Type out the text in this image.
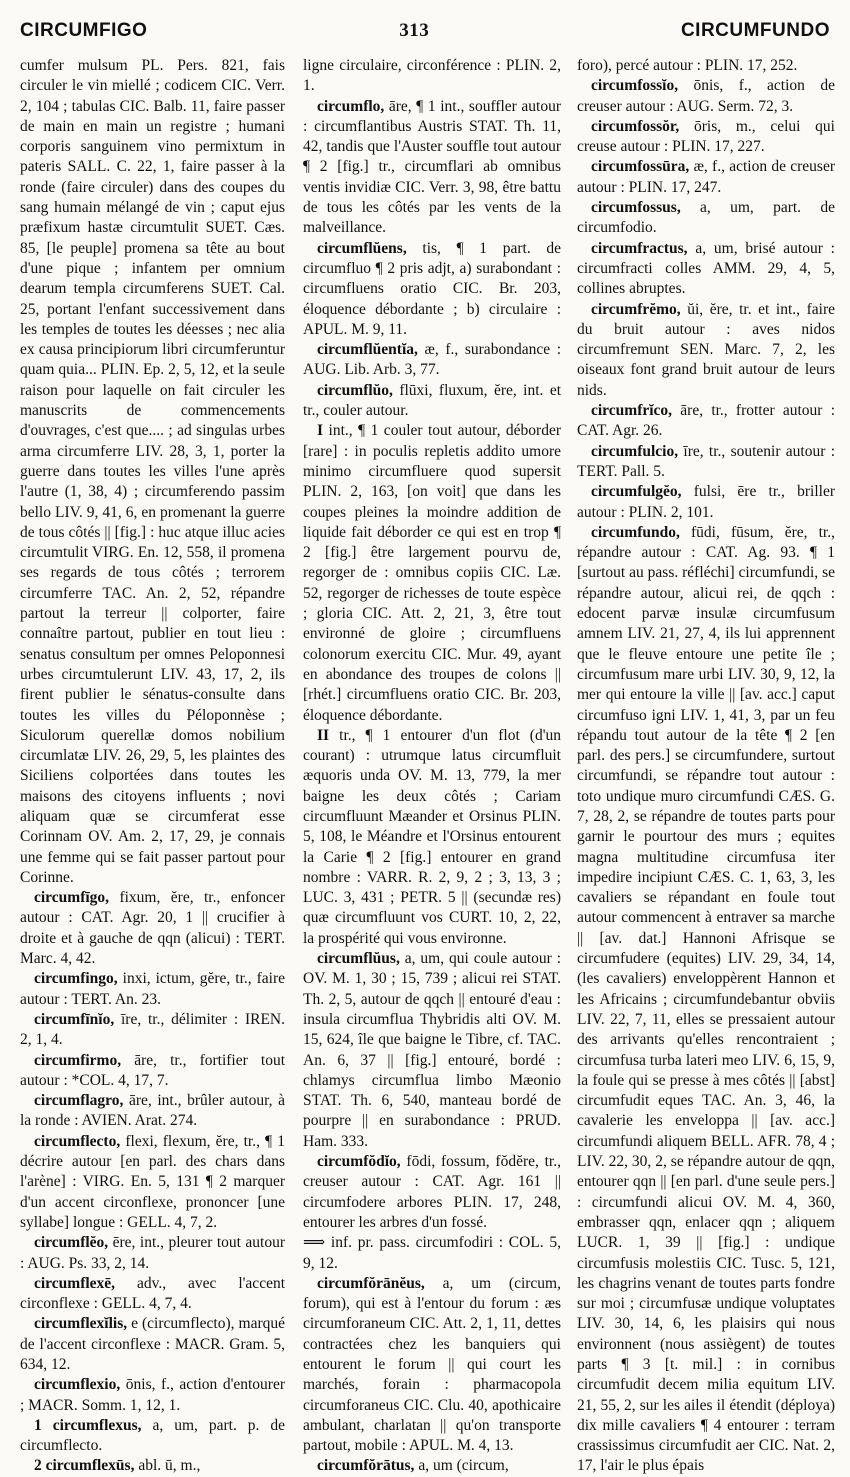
CIRCUMFIGO	313	CIRCUMFUNDO

cumfer mulsum PL. Pers. 821, fais circuler le vin miellé ; codicem CIC. Verr. 2, 104 ; tabulas CIC. Balb. 11, faire passer de main en main un registre ; humani corporis sanguinem vino permixtum in pateris SALL. C. 22, 1, faire passer à la ronde (faire circuler) dans des coupes du sang humain mélangé de vin ; caput ejus præfixum hastæ circumtulit SUET. Cæs. 85, [le peuple] promena sa tête au bout d'une pique ; infantem per omnium dearum templa circumferens SUET. Cal. 25, portant l'enfant successivement dans les temples de toutes les déesses ; nec alia ex causa principiorum libri circumferuntur quam quia... PLIN. Ep. 2, 5, 12, et la seule raison pour laquelle on fait circuler les manuscrits de commencements d'ouvrages, c'est que.... ; ad singulas urbes arma circumferre LIV. 28, 3, 1, porter la guerre dans toutes les villes l'une après l'autre (1, 38, 4) ; circumferendo passim bello LIV. 9, 41, 6, en promenant la guerre de tous côtés || [fig.] : huc atque illuc acies circumtulit VIRG. En. 12, 558, il promena ses regards de tous côtés ; terrorem circumferre TAC. An. 2, 52, répandre partout la terreur || colporter, faire connaître partout, publier en tout lieu : senatus consultum per omnes Peloponnesi urbes circumtulerunt LIV. 43, 17, 2, ils firent publier le sénatus-consulte dans toutes les villes du Péloponnèse ; Siculorum querellæ domos nobilium circumlatæ LIV. 26, 29, 5, les plaintes des Siciliens colportées dans toutes les maisons des citoyens influents ; novi aliquam quæ se circumferat esse Corinnam OV. Am. 2, 17, 29, je connais une femme qui se fait passer partout pour Corinne.

circumfīgo, fixum, ĕre, tr., enfoncer autour : CAT. Agr. 20, 1 || crucifier à droite et à gauche de qqn (alicui) : TERT. Marc. 4, 42.

circumfingo, inxi, ictum, gĕre, tr., faire autour : TERT. An. 23.

circumfīnĭo, īre, tr., délimiter : IREN. 2, 1, 4.

circumfirmo, āre, tr., fortifier tout autour : *COL. 4, 17, 7.

circumflagro, āre, int., brûler autour, à la ronde : AVIEN. Arat. 274.

circumflecto, flexi, flexum, ĕre, tr., ¶ 1 décrire autour [en parl. des chars dans l'arène] : VIRG. En. 5, 131 ¶ 2 marquer d'un accent circonflexe, prononcer [une syllabe] longue : GELL. 4, 7, 2.

circumflĕo, ēre, int., pleurer tout autour : AUG. Ps. 33, 2, 14.

circumflexē, adv., avec l'accent circonflexe : GELL. 4, 7, 4.

circumflexĭlis, e (circumflecto), marqué de l'accent circonflexe : MACR. Gram. 5, 634, 12.

circumflexio, ōnis, f., action d'entourer ; MACR. Somm. 1, 12, 1.

1 circumflexus, a, um, part. p. de circumflecto.

2 circumflexūs, abl. ū, m.,

ligne circulaire, circonférence : PLIN. 2, 1.

circumflo, āre, ¶ 1 int., souffler autour : circumflantibus Austris STAT. Th. 11, 42, tandis que l'Auster souffle tout autour ¶ 2 [fig.] tr., circumflari ab omnibus ventis invidiæ CIC. Verr. 3, 98, être battu de tous les côtés par les vents de la malveillance.

circumflŭens, tis, ¶ 1 part. de circumfluo ¶ 2 pris adjt, a) surabondant : circumfluens oratio CIC. Br. 203, éloquence débordante ; b) circulaire : APUL. M. 9, 11.

circumflŭentĭa, æ, f., surabondance : AUG. Lib. Arb. 3, 77.

circumflŭo, flūxi, fluxum, ĕre, int. et tr., couler autour.

I int., ¶ 1 couler tout autour, déborder [rare] : in poculis repletis addito umore minimo circumfluere quod supersit PLIN. 2, 163, [on voit] que dans les coupes pleines la moindre addition de liquide fait déborder ce qui est en trop ¶ 2 [fig.] être largement pourvu de, regorger de : omnibus copiis CIC. Læ. 52, regorger de richesses de toute espèce ; gloria CIC. Att. 2, 21, 3, être tout environné de gloire ; circumfluens colonorum exercitu CIC. Mur. 49, ayant en abondance des troupes de colons || [rhét.] circumfluens oratio CIC. Br. 203, éloquence débordante.

II tr., ¶ 1 entourer d'un flot (d'un courant) : utrumque latus circumfluit æquoris unda OV. M. 13, 779, la mer baigne les deux côtés ; Cariam circumfluunt Mæander et Orsinus PLIN. 5, 108, le Méandre et l'Orsinus entourent la Carie ¶ 2 [fig.] entourer en grand nombre : VARR. R. 2, 9, 2 ; 3, 13, 3 ; LUC. 3, 431 ; PETR. 5 || (secundæ res) quæ circumfluunt vos CURT. 10, 2, 22, la prospérité qui vous environne.

circumflŭus, a, um, qui coule autour : OV. M. 1, 30 ; 15, 739 ; alicui rei STAT. Th. 2, 5, autour de qqch || entouré d'eau : insula circumflua Thybridis alti OV. M. 15, 624, île que baigne le Tibre, cf. TAC. An. 6, 37 || [fig.] entouré, bordé : chlamys circumflua limbo Mæonio STAT. Th. 6, 540, manteau bordé de pourpre || en surabondance : PRUD. Ham. 333.

circumfŏdĭo, fōdi, fossum, fŏdĕre, tr., creuser autour : CAT. Agr. 161 || circumfodere arbores PLIN. 17, 248, entourer les arbres d'un fossé.

⟹ inf. pr. pass. circumfodiri : COL. 5, 9, 12.

circumfŏrānĕus, a, um (circum, forum), qui est à l'entour du forum : æs circumforaneum CIC. Att. 2, 1, 11, dettes contractées chez les banquiers qui entourent le forum || qui court les marchés, forain : pharmacopola circumforaneus CIC. Clu. 40, apothicaire ambulant, charlatan || qu'on transporte partout, mobile : APUL. M. 4, 13.

circumfŏrātus, a, um (circum,

foro), percé autour : PLIN. 17, 252.

circumfossĭo, ōnis, f., action de creuser autour : AUG. Serm. 72, 3.

circumfossŏr, ōris, m., celui qui creuse autour : PLIN. 17, 227.

circumfossūra, æ, f., action de creuser autour : PLIN. 17, 247.

circumfossus, a, um, part. de circumfodio.

circumfractus, a, um, brisé autour : circumfracti colles AMM. 29, 4, 5, collines abruptes.

circumfrĕmo, ŭi, ĕre, tr. et int., faire du bruit autour : aves nidos circumfremunt SEN. Marc. 7, 2, les oiseaux font grand bruit autour de leurs nids.

circumfrĭco, āre, tr., frotter autour : CAT. Agr. 26.

circumfulcio, īre, tr., soutenir autour : TERT. Pall. 5.

circumfulgĕo, fulsi, ēre tr., briller autour : PLIN. 2, 101.

circumfundo, fūdi, fūsum, ĕre, tr., répandre autour : CAT. Ag. 93. ¶ 1 [surtout au pass. réfléchi] circumfundi, se répandre autour, alicui rei, de qqch : edocent parvæ insulæ circumfusum amnem LIV. 21, 27, 4, ils lui apprennent que le fleuve entoure une petite île ; circumfusum mare urbi LIV. 30, 9, 12, la mer qui entoure la ville || [av. acc.] caput circumfuso igni LIV. 1, 41, 3, par un feu répandu tout autour de la tête ¶ 2 [en parl. des pers.] se circumfundere, surtout circumfundi, se répandre tout autour : toto undique muro circumfundi CÆS. G. 7, 28, 2, se répandre de toutes parts pour garnir le pourtour des murs ; equites magna multitudine circumfusa iter impedire incipiunt CÆS. C. 1, 63, 3, les cavaliers se répandant en foule tout autour commencent à entraver sa marche || [av. dat.] Hannoni Afrisque se circumfudere (equites) LIV. 29, 34, 14, (les cavaliers) enveloppèrent Hannon et les Africains ; circumfundebantur obviis LIV. 22, 7, 11, elles se pressaient autour des arrivants qu'elles rencontraient ; circumfusa turba lateri meo LIV. 6, 15, 9, la foule qui se presse à mes côtés || [abst] circumfudit eques TAC. An. 3, 46, la cavalerie les enveloppa || [av. acc.] circumfundi aliquem BELL. AFR. 78, 4 ; LIV. 22, 30, 2, se répandre autour de qqn, entourer qqn || [en parl. d'une seule pers.] : circumfundi alicui OV. M. 4, 360, embrasser qqn, enlacer qqn ; aliquem LUCR. 1, 39 || [fig.] : undique circumfusis molestiis CIC. Tusc. 5, 121, les chagrins venant de toutes parts fondre sur moi ; circumfusæ undique voluptates LIV. 30, 14, 6, les plaisirs qui nous environnent (nous assiègent) de toutes parts ¶ 3 [t. mil.] : in cornibus circumfudit decem milia equitum LIV. 21, 55, 2, sur les ailes il étendit (déploya) dix mille cavaliers ¶ 4 entourer : terram crassissimus circumfudit aer CIC. Nat. 2, 17, l'air le plus épais
